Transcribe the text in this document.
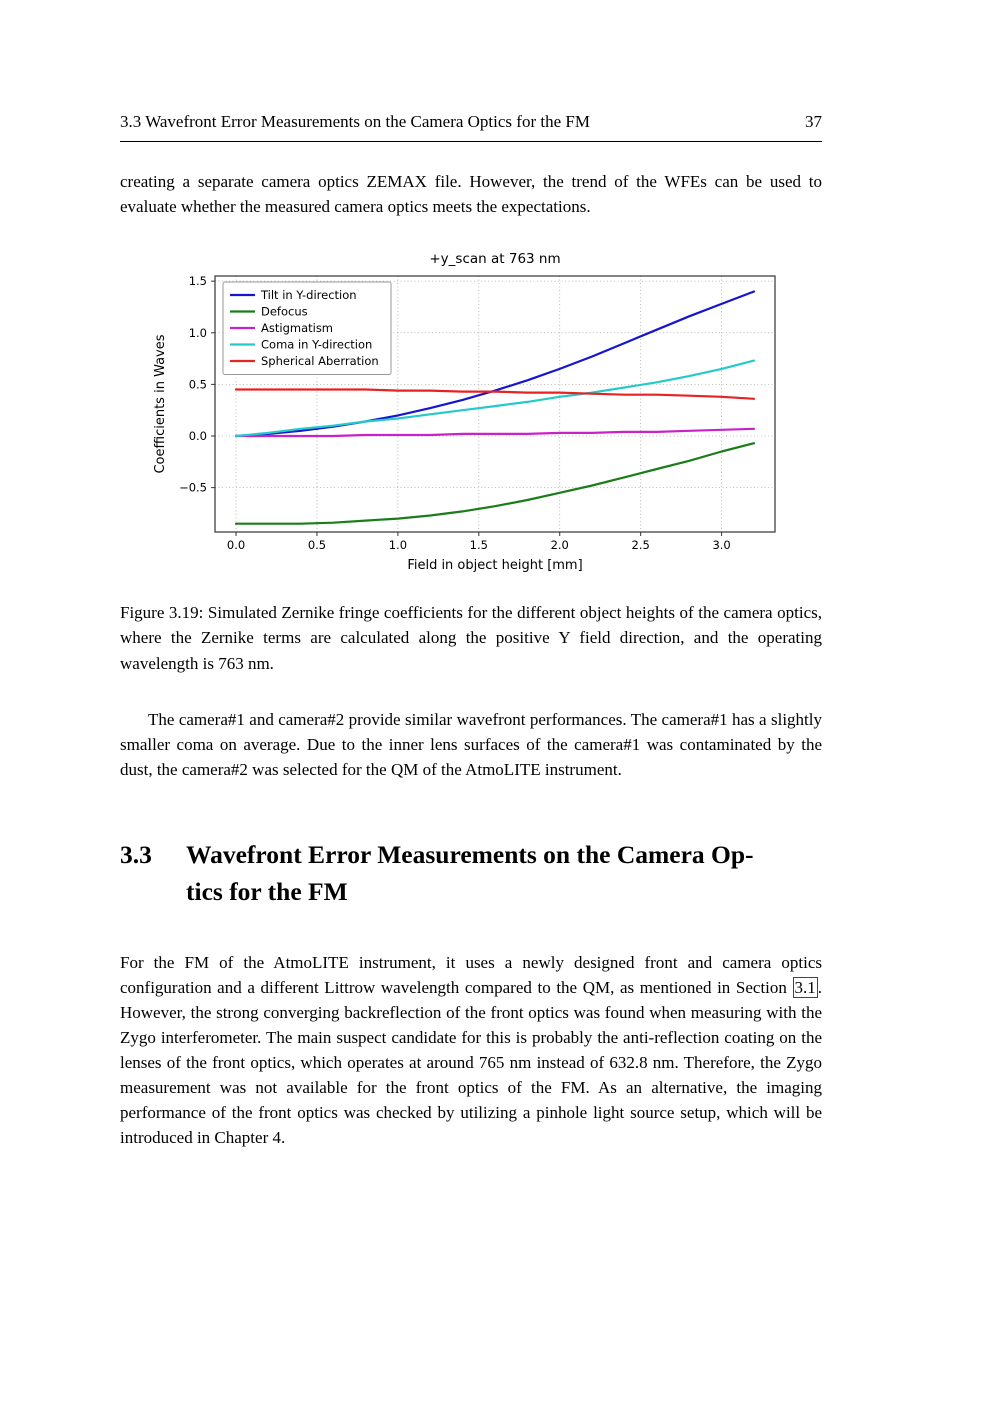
3.3 Wavefront Error Measurements on the Camera Optics for the FM	37

creating a separate camera optics ZEMAX file. However, the trend of the WFEs can be used to evaluate whether the measured camera optics meets the expectations.

0.0	0.5	1.0	1.5	2.0	2.5	3.0
−0.5
0.0
0.5
1.0
1.5
+y_scan at 763 nm
Field in object height [mm]
Coefficients in Waves
Tilt in Y-direction
Defocus
Astigmatism
Coma in Y-direction
Spherical Aberration
Figure 3.19: Simulated Zernike fringe coefficients for the different object heights of the camera optics, where the Zernike terms are calculated along the positive Y field direction, and the operating wavelength is 763 nm.

The camera#1 and camera#2 provide similar wavefront performances. The camera#1 has a slightly smaller coma on average. Due to the inner lens surfaces of the camera#1 was contaminated by the dust, the camera#2 was selected for the QM of the AtmoLITE instrument.

3.3	Wavefront Error Measurements on the Camera Op-
tics for the FM

For the FM of the AtmoLITE instrument, it uses a newly designed front and camera optics configuration and a different Littrow wavelength compared to the QM, as mentioned in Section 3.1 . However, the strong converging backreflection of the front optics was found when measuring with the Zygo interferometer. The main suspect candidate for this is probably the anti-reflection coating on the lenses of the front optics, which operates at around 765 nm instead of 632.8 nm. Therefore, the Zygo measurement was not available for the front optics of the FM. As an alternative, the imaging performance of the front optics was checked by utilizing a pinhole light source setup, which will be introduced in Chapter 4.
